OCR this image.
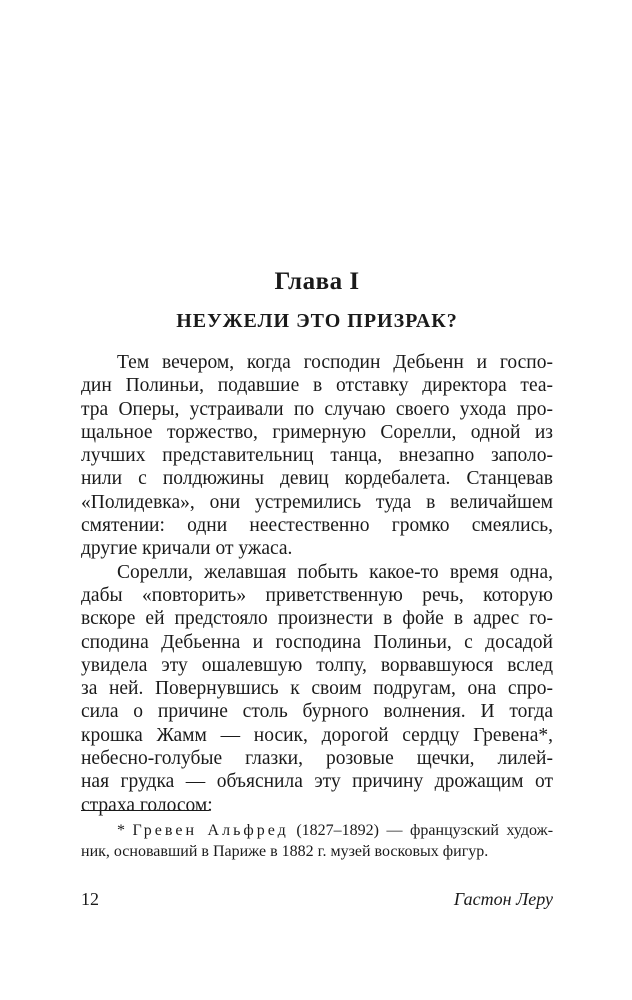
Глава I
НЕУЖЕЛИ ЭТО ПРИЗРАК?
Тем вечером, когда господин Дебьенн и госпо-
дин Полиньи, подавшие в отставку директора теа-
тра Оперы, устраивали по случаю своего ухода про-
щальное торжество, гримерную Сорелли, одной из
лучших представительниц танца, внезапно заполо-
нили с полдюжины девиц кордебалета. Станцевав
«Полидевка», они устремились туда в величайшем
смятении: одни неестественно громко смеялись,
другие кричали от ужаса.
Сорелли, желавшая побыть какое-то время одна,
дабы «повторить» приветственную речь, которую
вскоре ей предстояло произнести в фойе в адрес го-
сподина Дебьенна и господина Полиньи, с досадой
увидела эту ошалевшую толпу, ворвавшуюся вслед
за ней. Повернувшись к своим подругам, она спро-
сила о причине столь бурного волнения. И тогда
крошка Жамм — носик, дорогой сердцу Гревена*,
небесно-голубые глазки, розовые щечки, лилей-
ная грудка — объяснила эту причину дрожащим от
страха голосом:
* Гревен Альфред (1827–1892) — французский худож-
ник, основавший в Париже в 1882 г. музей восковых фигур.
12	Гастон Леру
